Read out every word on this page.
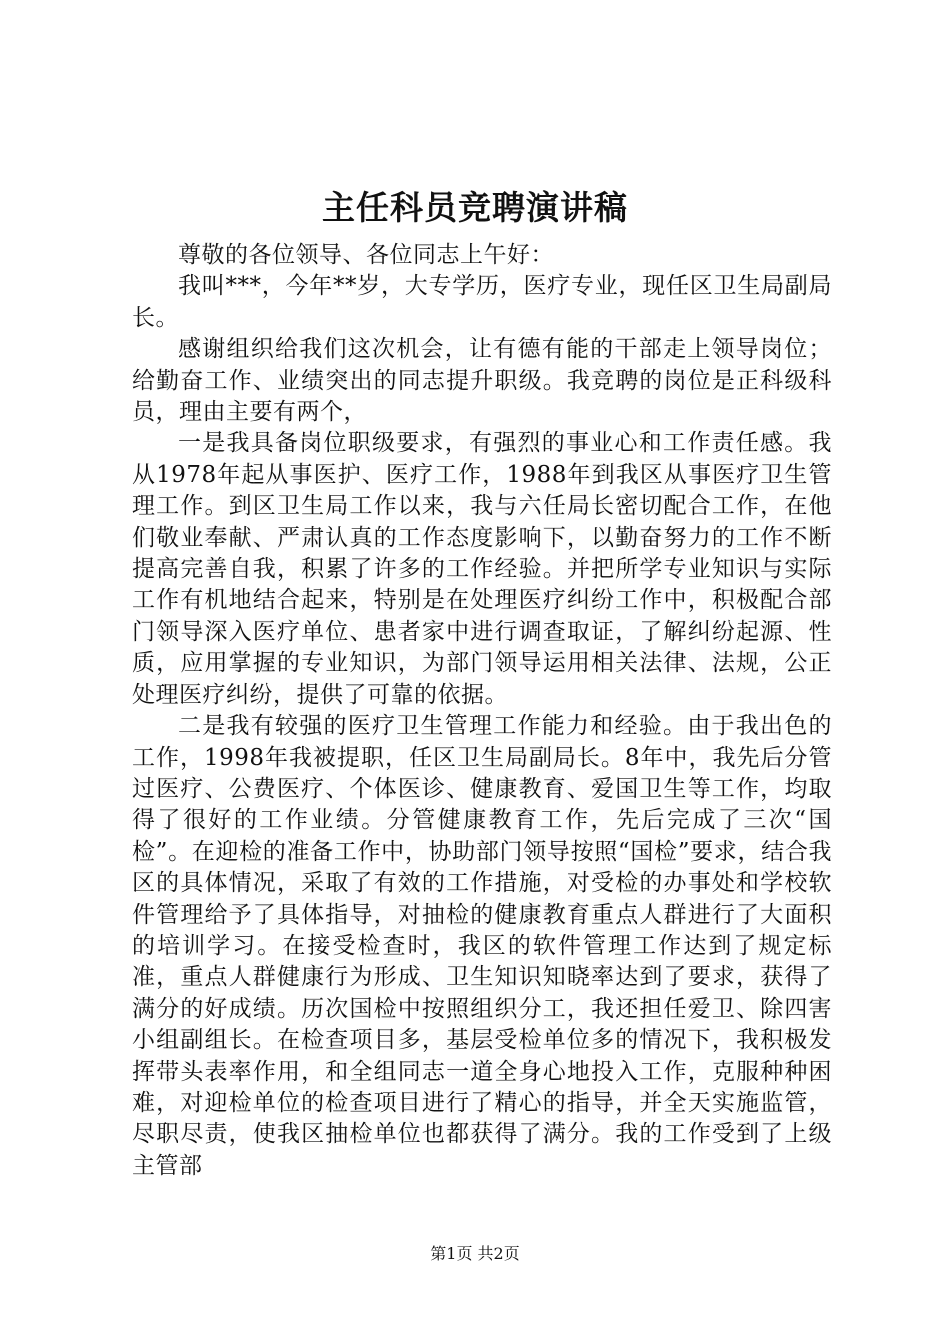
主任科员竞聘演讲稿

尊敬的各位领导、各位同志上午好：

我叫***，今年**岁，大专学历，医疗专业，现任区卫生局副局长。

感谢组织给我们这次机会，让有德有能的干部走上领导岗位；给勤奋工作、业绩突出的同志提升职级。我竞聘的岗位是正科级科员，理由主要有两个，

一是我具备岗位职级要求，有强烈的事业心和工作责任感。我从1978年起从事医护、医疗工作，1988年到我区从事医疗卫生管理工作。到区卫生局工作以来，我与六任局长密切配合工作，在他们敬业奉献、严肃认真的工作态度影响下，以勤奋努力的工作不断提高完善自我，积累了许多的工作经验。并把所学专业知识与实际工作有机地结合起来，特别是在处理医疗纠纷工作中，积极配合部门领导深入医疗单位、患者家中进行调查取证，了解纠纷起源、性质，应用掌握的专业知识，为部门领导运用相关法律、法规，公正处理医疗纠纷，提供了可靠的依据。

二是我有较强的医疗卫生管理工作能力和经验。由于我出色的工作，1998年我被提职，任区卫生局副局长。8年中，我先后分管过医疗、公费医疗、个体医诊、健康教育、爱国卫生等工作，均取得了很好的工作业绩。分管健康教育工作，先后完成了三次“国检”。在迎检的准备工作中，协助部门领导按照“国检”要求，结合我区的具体情况，采取了有效的工作措施，对受检的办事处和学校软件管理给予了具体指导，对抽检的健康教育重点人群进行了大面积的培训学习。在接受检查时，我区的软件管理工作达到了规定标准，重点人群健康行为形成、卫生知识知晓率达到了要求，获得了满分的好成绩。历次国检中按照组织分工，我还担任爱卫、除四害小组副组长。在检查项目多，基层受检单位多的情况下，我积极发挥带头表率作用，和全组同志一道全身心地投入工作，克服种种困难，对迎检单位的检查项目进行了精心的指导，并全天实施监管，尽职尽责，使我区抽检单位也都获得了满分。我的工作受到了上级主管部

第1页 共2页
